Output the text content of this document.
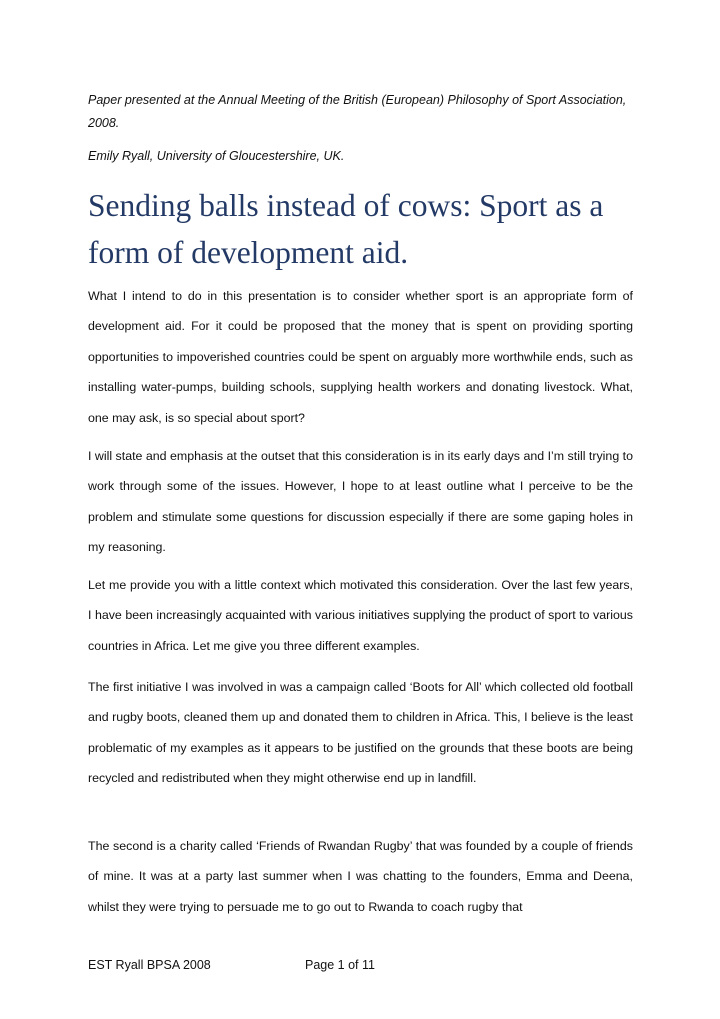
Paper presented at the Annual Meeting of the British (European) Philosophy of Sport Association, 2008.

Emily Ryall, University of Gloucestershire, UK.

Sending balls instead of cows: Sport as a form of development aid.

What I intend to do in this presentation is to consider whether sport is an appropriate form of development aid. For it could be proposed that the money that is spent on providing sporting opportunities to impoverished countries could be spent on arguably more worthwhile ends, such as installing water-pumps, building schools, supplying health workers and donating livestock. What, one may ask, is so special about sport?

I will state and emphasis at the outset that this consideration is in its early days and I’m still trying to work through some of the issues. However, I hope to at least outline what I perceive to be the problem and stimulate some questions for discussion especially if there are some gaping holes in my reasoning.

Let me provide you with a little context which motivated this consideration. Over the last few years, I have been increasingly acquainted with various initiatives supplying the product of sport to various countries in Africa. Let me give you three different examples.

The first initiative I was involved in was a campaign called ‘Boots for All’ which collected old football and rugby boots, cleaned them up and donated them to children in Africa. This, I believe is the least problematic of my examples as it appears to be justified on the grounds that these boots are being recycled and redistributed when they might otherwise end up in landfill.

The second is a charity called ‘Friends of Rwandan Rugby’ that was founded by a couple of friends of mine. It was at a party last summer when I was chatting to the founders, Emma and Deena, whilst they were trying to persuade me to go out to Rwanda to coach rugby that

EST Ryall BPSA 2008	Page 1 of 11
